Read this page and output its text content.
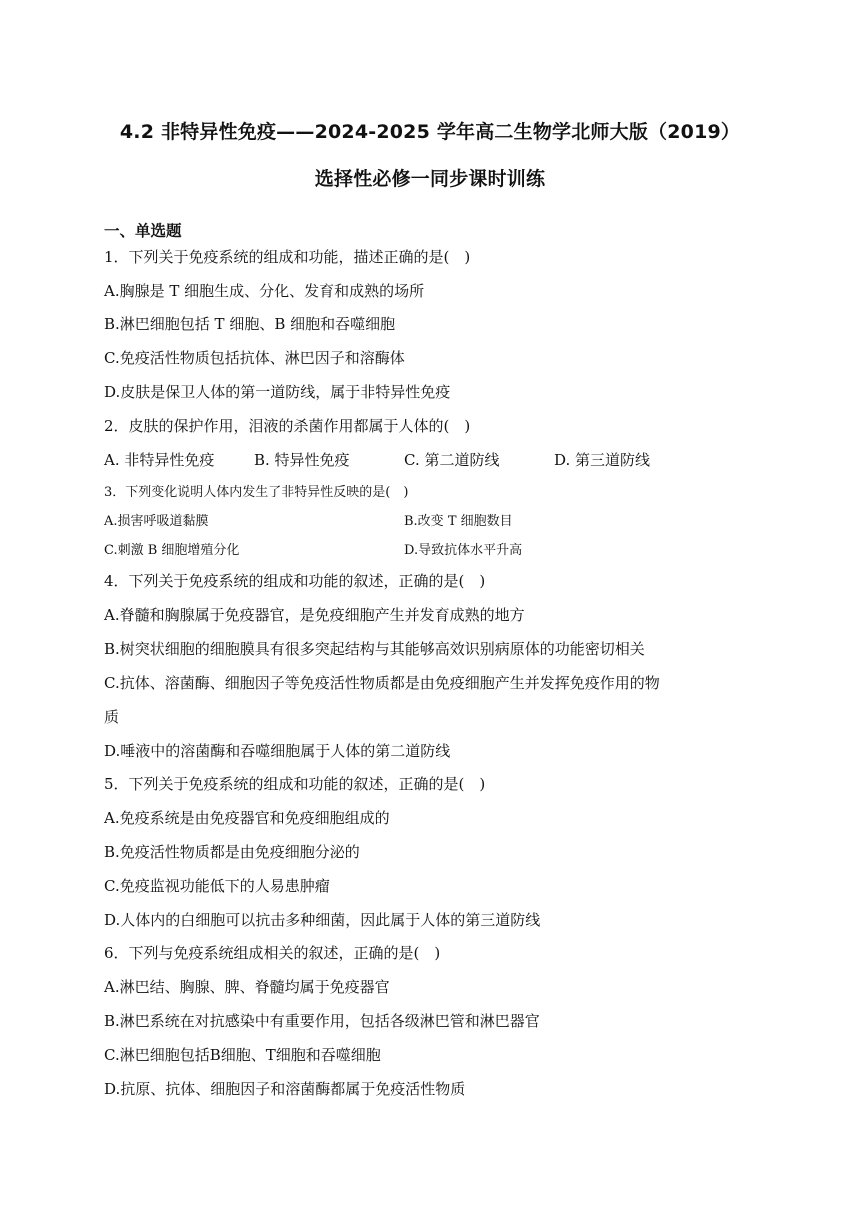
4.2 非特异性免疫——2024-2025 学年高二生物学北师大版（2019）
选择性必修一同步课时训练
一、单选题
1．下列关于免疫系统的组成和功能，描述正确的是(　)
A.胸腺是 T 细胞生成、分化、发育和成熟的场所
B.淋巴细胞包括 T 细胞、B 细胞和吞噬细胞
C.免疫活性物质包括抗体、淋巴因子和溶酶体
D.皮肤是保卫人体的第一道防线，属于非特异性免疫
2．皮肤的保护作用，泪液的杀菌作用都属于人体的(　)
A. 非特异性免疫	B. 特异性免疫	C. 第二道防线	D. 第三道防线
3．下列变化说明人体内发生了非特异性反映的是(　)
A.损害呼吸道黏膜	B.改变 T 细胞数目
C.刺激 B 细胞增殖分化	D.导致抗体水平升高
4．下列关于免疫系统的组成和功能的叙述，正确的是(　)
A.脊髓和胸腺属于免疫器官，是免疫细胞产生并发育成熟的地方
B.树突状细胞的细胞膜具有很多突起结构与其能够高效识别病原体的功能密切相关
C.抗体、溶菌酶、细胞因子等免疫活性物质都是由免疫细胞产生并发挥免疫作用的物
质
D.唾液中的溶菌酶和吞噬细胞属于人体的第二道防线
5．下列关于免疫系统的组成和功能的叙述，正确的是(　)
A.免疫系统是由免疫器官和免疫细胞组成的
B.免疫活性物质都是由免疫细胞分泌的
C.免疫监视功能低下的人易患肿瘤
D.人体内的白细胞可以抗击多种细菌，因此属于人体的第三道防线
6．下列与免疫系统组成相关的叙述，正确的是(　)
A.淋巴结、胸腺、脾、脊髓均属于免疫器官
B.淋巴系统在对抗感染中有重要作用，包括各级淋巴管和淋巴器官
C.淋巴细胞包括B细胞、T细胞和吞噬细胞
D.抗原、抗体、细胞因子和溶菌酶都属于免疫活性物质
